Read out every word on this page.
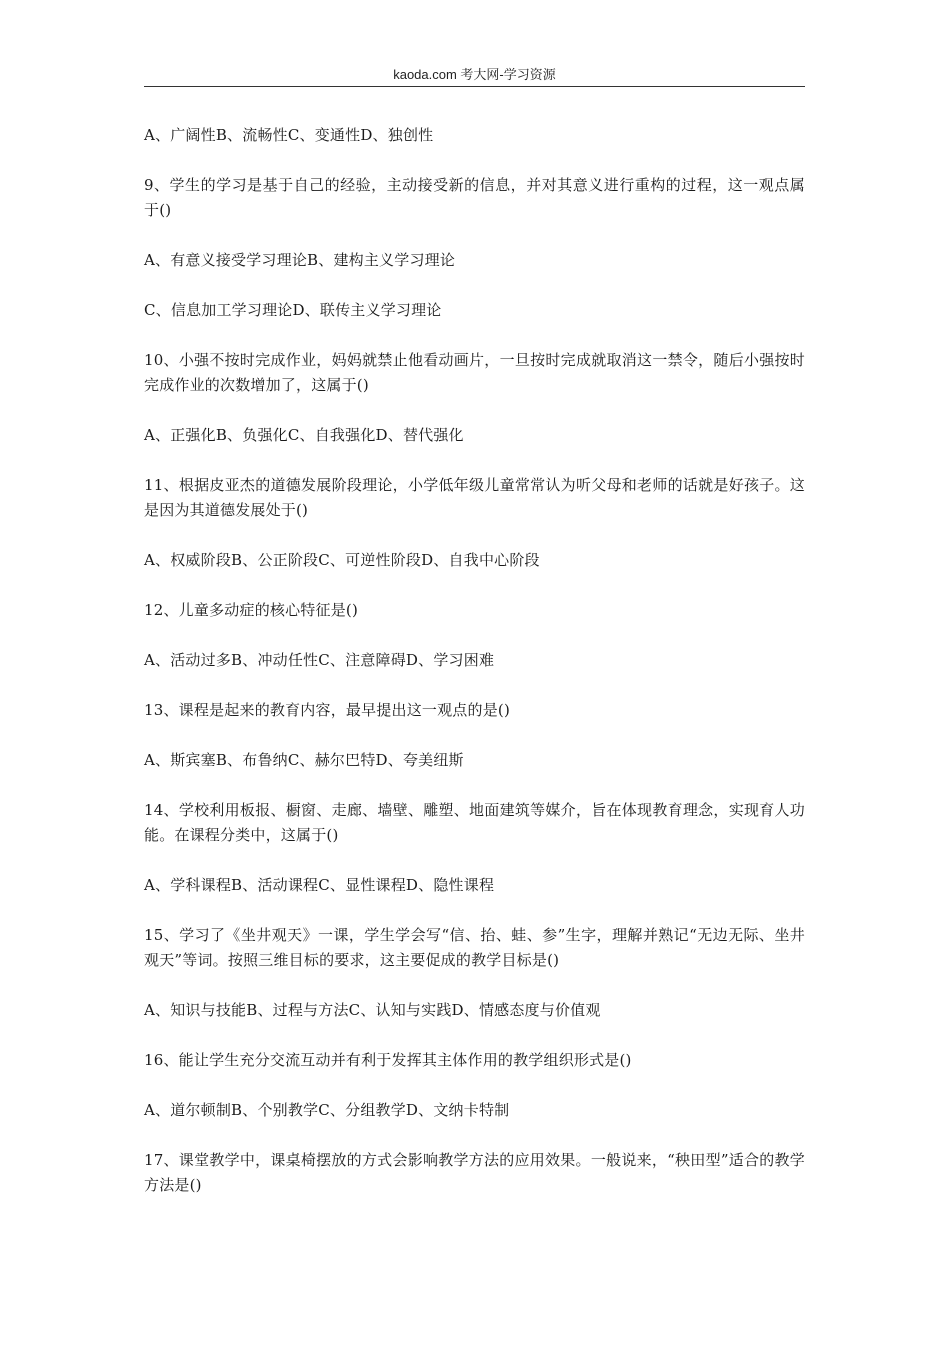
kaoda.com 考大网-学习资源

A、广阔性B、流畅性C、变通性D、独创性

9、学生的学习是基于自己的经验，主动接受新的信息，并对其意义进行重构的过程，这一观点属于()

A、有意义接受学习理论B、建构主义学习理论

C、信息加工学习理论D、联传主义学习理论

10、小强不按时完成作业，妈妈就禁止他看动画片，一旦按时完成就取消这一禁令，随后小强按时完成作业的次数增加了，这属于()

A、正强化B、负强化C、自我强化D、替代强化

11、根据皮亚杰的道德发展阶段理论，小学低年级儿童常常认为听父母和老师的话就是好孩子。这是因为其道德发展处于()

A、权威阶段B、公正阶段C、可逆性阶段D、自我中心阶段

12、儿童多动症的核心特征是()

A、活动过多B、冲动任性C、注意障碍D、学习困难

13、课程是起来的教育内容，最早提出这一观点的是()

A、斯宾塞B、布鲁纳C、赫尔巴特D、夸美纽斯

14、学校利用板报、橱窗、走廊、墙壁、雕塑、地面建筑等媒介，旨在体现教育理念，实现育人功能。在课程分类中，这属于()

A、学科课程B、活动课程C、显性课程D、隐性课程

15、学习了《坐井观天》一课，学生学会写“信、抬、蛙、参”生字，理解并熟记“无边无际、坐井观天”等词。按照三维目标的要求，这主要促成的教学目标是()

A、知识与技能B、过程与方法C、认知与实践D、情感态度与价值观

16、能让学生充分交流互动并有利于发挥其主体作用的教学组织形式是()

A、道尔顿制B、个别教学C、分组教学D、文纳卡特制

17、课堂教学中，课桌椅摆放的方式会影响教学方法的应用效果。一般说来，“秧田型”适合的教学方法是()
